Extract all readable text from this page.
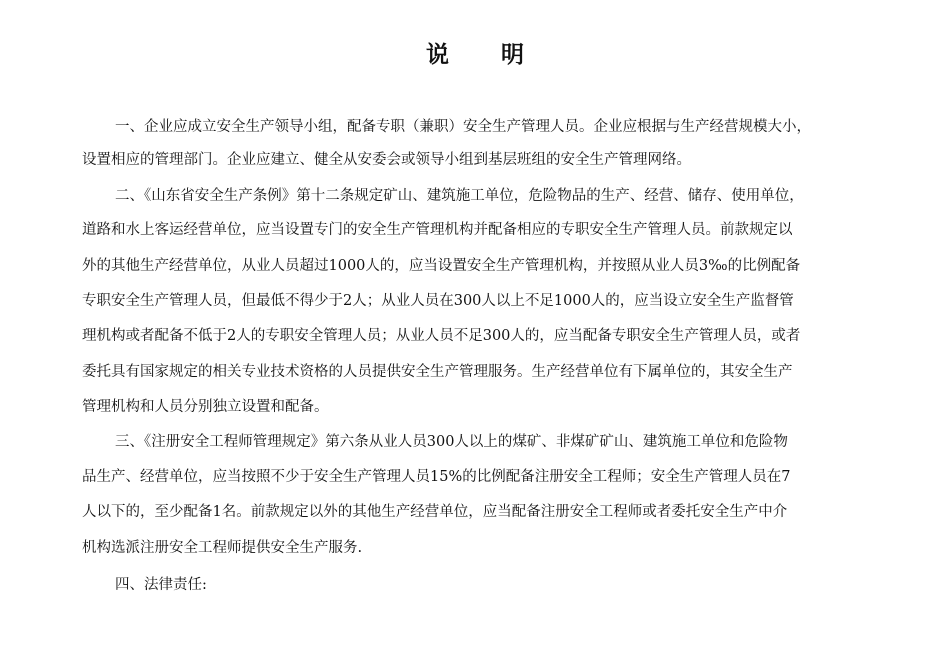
说 明
一、企业应成立安全生产领导小组，配备专职（兼职）安全生产管理人员。企业应根据与生产经营规模大小，
设置相应的管理部门。企业应建立、健全从安委会或领导小组到基层班组的安全生产管理网络。
二、《山东省安全生产条例》第十二条规定矿山、建筑施工单位，危险物品的生产、经营、储存、使用单位，
道路和水上客运经营单位，应当设置专门的安全生产管理机构并配备相应的专职安全生产管理人员。前款规定以
外的其他生产经营单位，从业人员超过1000人的，应当设置安全生产管理机构，并按照从业人员3‰的比例配备
专职安全生产管理人员，但最低不得少于2人；从业人员在300人以上不足1000人的，应当设立安全生产监督管
理机构或者配备不低于2人的专职安全管理人员；从业人员不足300人的，应当配备专职安全生产管理人员，或者
委托具有国家规定的相关专业技术资格的人员提供安全生产管理服务。生产经营单位有下属单位的，其安全生产
管理机构和人员分别独立设置和配备。
三、《注册安全工程师管理规定》第六条从业人员300人以上的煤矿、非煤矿矿山、建筑施工单位和危险物
品生产、经营单位，应当按照不少于安全生产管理人员15%的比例配备注册安全工程师；安全生产管理人员在7
人以下的，至少配备1名。前款规定以外的其他生产经营单位，应当配备注册安全工程师或者委托安全生产中介
机构选派注册安全工程师提供安全生产服务.
四、法律责任:
